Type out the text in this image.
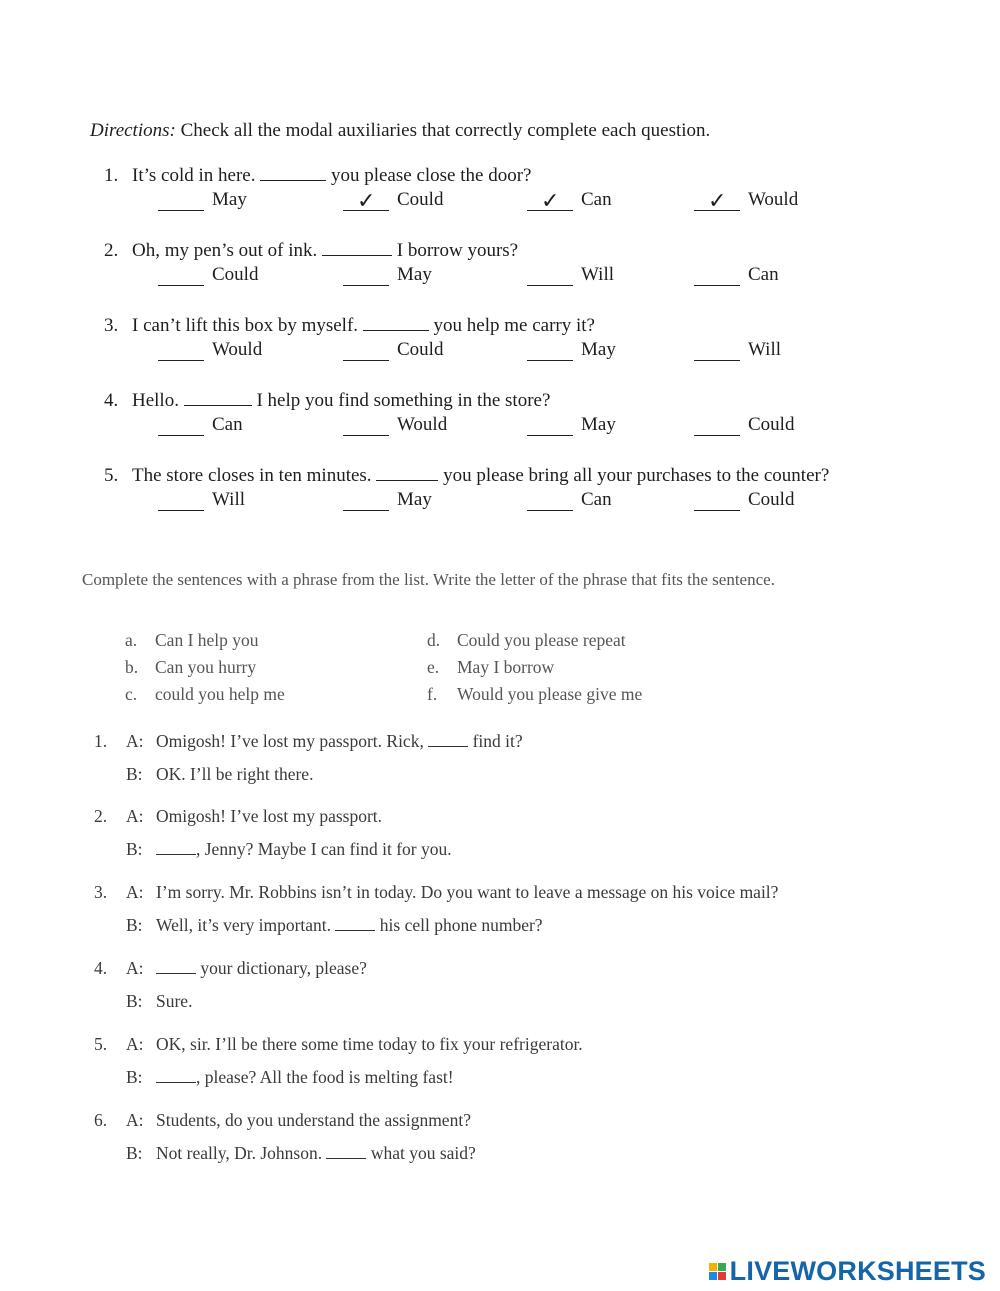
Directions: Check all the modal auxiliaries that correctly complete each question.
1. It’s cold in here.	you please close the door?
May	✓ Could	✓ Can	✓ Would
2. Oh, my pen’s out of ink.	I borrow yours?
Could	May	Will	Can
3. I can’t lift this box by myself.	you help me carry it?
Would	Could	May	Will
4. Hello.	I help you find something in the store?
Can	Would	May	Could
5. The store closes in ten minutes.	you please bring all your purchases to the counter?
Will	May	Can	Could
Complete the sentences with a phrase from the list. Write the letter of the phrase that fits the sentence.
a. Can I help you
b. Can you hurry
c. could you help me
d. Could you please repeat
e. May I borrow
f. Would you please give me
1. A: Omigosh! I’ve lost my passport. Rick,	find it?
B: OK. I’ll be right there.
2. A: Omigosh! I’ve lost my passport.
B:	, Jenny? Maybe I can find it for you.
3. A: I’m sorry. Mr. Robbins isn’t in today. Do you want to leave a message on his voice mail?
B: Well, it’s very important.	his cell phone number?
4. A:	your dictionary, please?
B: Sure.
5. A: OK, sir. I’ll be there some time today to fix your refrigerator.
B:	, please? All the food is melting fast!
6. A: Students, do you understand the assignment?
B: Not really, Dr. Johnson.	what you said?
LIVEWORKSHEETS
